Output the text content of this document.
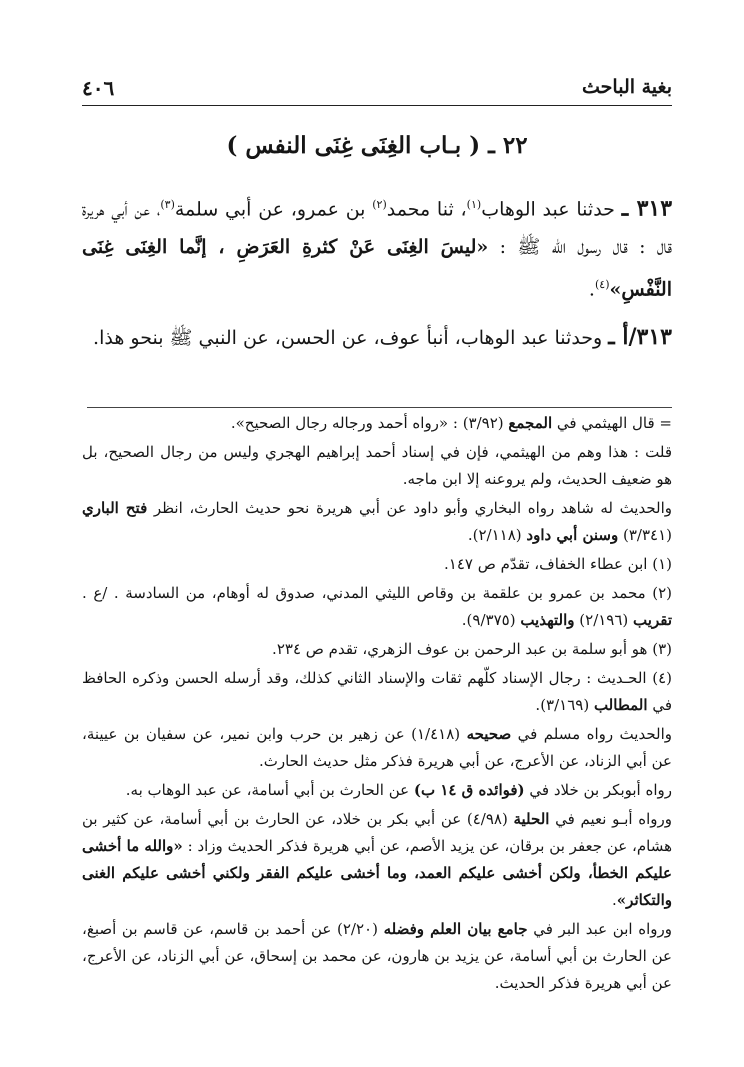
٤٠٦	بغية الباحث
٢٢ ـ ( بـاب الغِنَى غِنَى النفس )

٣١٣ ـ حدثنا عبد الوهاب$^{(١)}$، ثنا محمد$^{(٢)}$ بن عمرو، عن أبي سلمة$^{(٣)}$، عن أبي هريرة قال : قال رسول الله ﷺ : «ليسَ الغِنَى عَنْ كثرةِ العَرَضِ ، إنَّما الغِنَى غِنَى النَّفْسِ»$^{(٤)}$.

٣١٣/أ ـ وحدثنا عبد الوهاب، أنبأ عوف، عن الحسن، عن النبي ﷺ بنحو هذا.

= قال الهيثمي في المجمع (٣/٩٢) : «رواه أحمد ورجاله رجال الصحيح».

قلت : هذا وهم من الهيثمي، فإن في إسناد أحمد إبراهيم الهجري وليس من رجال الصحيح، بل هو ضعيف الحديث، ولم يروعنه إلا ابن ماجه.

والحديث له شاهد رواه البخاري وأبو داود عن أبي هريرة نحو حديث الحارث، انظر فتح الباري (٣/٣٤١) وسنن أبي داود (٢/١١٨).

(١) ابن عطاء الخفاف، تقدّم ص ١٤٧.

(٢) محمد بن عمرو بن علقمة بن وقاص الليثي المدني، صدوق له أوهام، من السادسة . /ع . تقريب (٢/١٩٦) والتهذيب (٩/٣٧٥).

(٣) هو أبو سلمة بن عبد الرحمن بن عوف الزهري، تقدم ص ٢٣٤.

(٤) الحـديث : رجال الإسناد كلّهم ثقات والإسناد الثاني كذلك، وقد أرسله الحسن وذكره الحافظ في المطالب (٣/١٦٩).

والحديث رواه مسلم في صحيحه (١/٤١٨) عن زهير بن حرب وابن نمير، عن سفيان بن عيينة، عن أبي الزناد، عن الأعرج، عن أبي هريرة فذكر مثل حديث الحارث.

رواه أبوبكر بن خلاد في (فوائده ق ١٤ ب) عن الحارث بن أبي أسامة، عن عبد الوهاب به.

ورواه أبـو نعيم في الحلية (٤/٩٨) عن أبي بكر بن خلاد، عن الحارث بن أبي أسامة، عن كثير بن هشام، عن جعفر بن برقان، عن يزيد الأصم، عن أبي هريرة فذكر الحديث وزاد : «والله ما أخشى عليكم الخطأ، ولكن أخشى عليكم العمد، وما أخشى عليكم الفقر ولكني أخشى عليكم الغنى والتكاثر».

ورواه ابن عبد البر في جامع بيان العلم وفضله (٢/٢٠) عن أحمد بن قاسم، عن قاسم بن أصبغ، عن الحارث بن أبي أسامة، عن يزيد بن هارون، عن محمد بن إسحاق، عن أبي الزناد، عن الأعرج، عن أبي هريرة فذكر الحديث.
